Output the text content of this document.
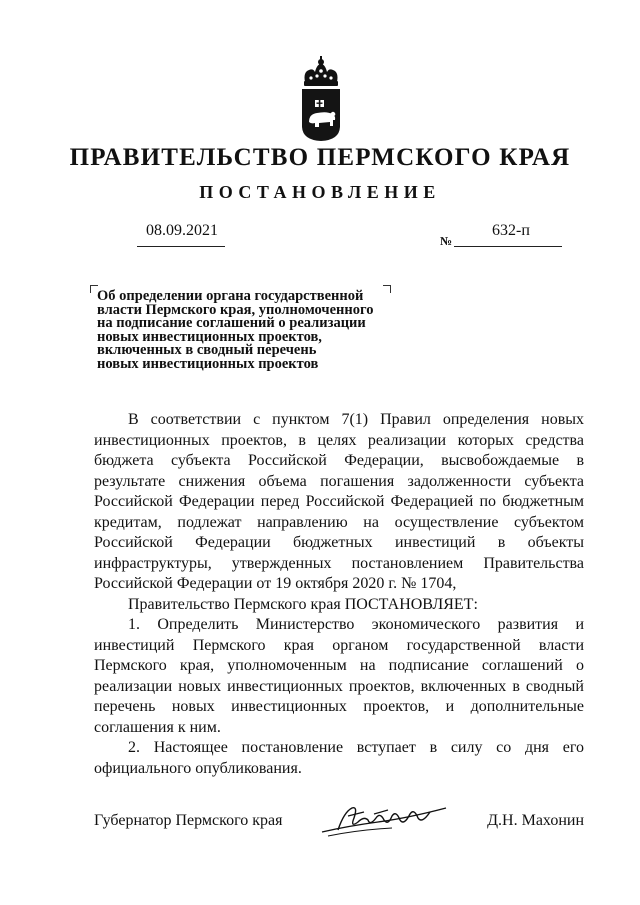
ПРАВИТЕЛЬСТВО ПЕРМСКОГО КРАЯ
ПОСТАНОВЛЕНИЕ
08.09.2021
№
632-п
Об определении органа государственной
власти Пермского края, уполномоченного
на подписание соглашений о реализации
новых инвестиционных проектов,
включенных в сводный перечень
новых инвестиционных проектов

В соответствии с пунктом 7(1) Правил определения новых инвестиционных проектов, в целях реализации которых средства бюджета субъекта Российской Федерации, высвобождаемые в результате снижения объема погашения задолженности субъекта Российской Федерации перед Российской Федерацией по бюджетным кредитам, подлежат направлению на осуществление субъектом Российской Федерации бюджетных инвестиций в объекты инфраструктуры, утвержденных постановлением Правительства Российской Федерации от 19 октября 2020 г. № 1704,

Правительство Пермского края ПОСТАНОВЛЯЕТ:

1. Определить Министерство экономического развития и инвестиций Пермского края органом государственной власти Пермского края, уполномоченным на подписание соглашений о реализации новых инвестиционных проектов, включенных в сводный перечень новых инвестиционных проектов, и дополнительные соглашения к ним.

2. Настоящее постановление вступает в силу со дня его официального опубликования.

Губернатор Пермского края	Д.Н. Махонин
